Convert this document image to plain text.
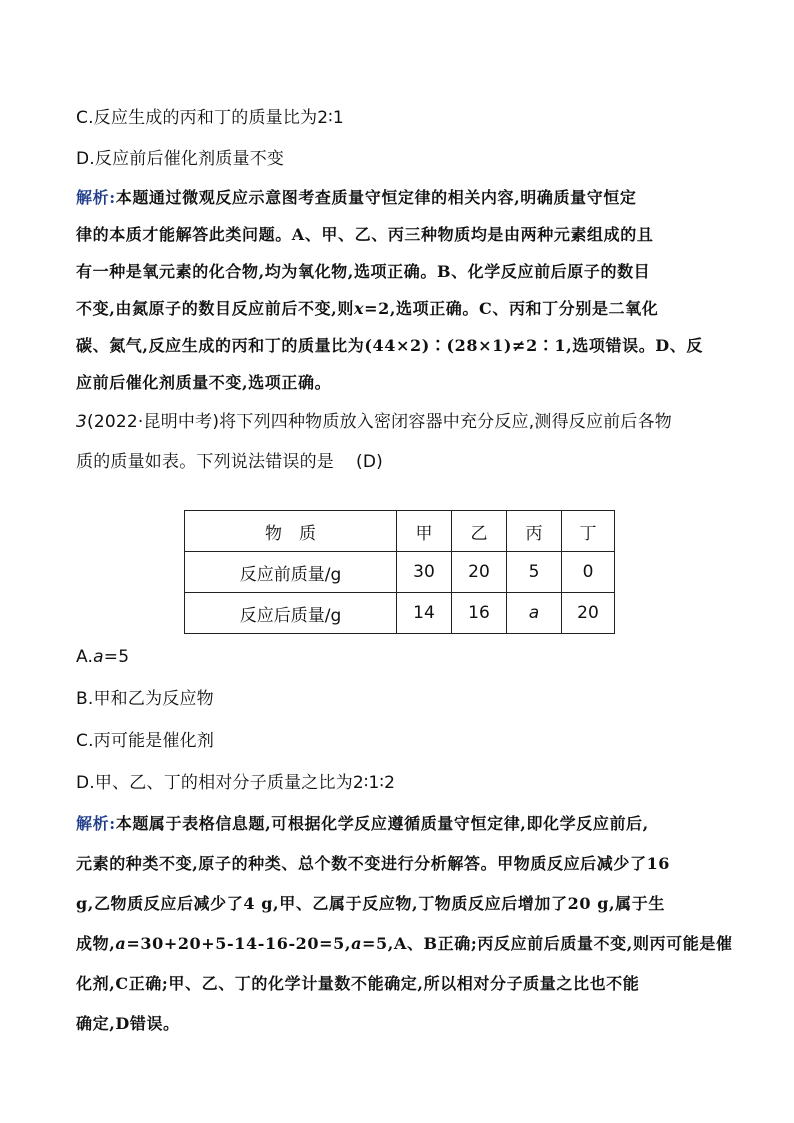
C.反应生成的丙和丁的质量比为2∶1
D.反应前后催化剂质量不变
解析:本题通过微观反应示意图考查质量守恒定律的相关内容,明确质量守恒定
律的本质才能解答此类问题。A、甲、乙、丙三种物质均是由两种元素组成的且
有一种是氧元素的化合物,均为氧化物,选项正确。B、化学反应前后原子的数目
不变,由氮原子的数目反应前后不变,则x=2,选项正确。C、丙和丁分别是二氧化
碳、氮气,反应生成的丙和丁的质量比为(44×2)∶(28×1)≠2∶1,选项错误。D、反
应前后催化剂质量不变,选项正确。
3(2022·昆明中考)将下列四种物质放入密闭容器中充分反应,测得反应前后各物
质的质量如表。下列说法错误的是 (D)
物　质	甲	乙	丙	丁
反应前质量/g	30	20	5	0
反应后质量/g	14	16	a	20
A.a=5
B.甲和乙为反应物
C.丙可能是催化剂
D.甲、乙、丁的相对分子质量之比为2∶1∶2
解析:本题属于表格信息题,可根据化学反应遵循质量守恒定律,即化学反应前后,
元素的种类不变,原子的种类、总个数不变进行分析解答。甲物质反应后减少了16
g,乙物质反应后减少了4 g,甲、乙属于反应物,丁物质反应后增加了20 g,属于生
成物,a=30+20+5-14-16-20=5,a=5,A、B正确;丙反应前后质量不变,则丙可能是催
化剂,C正确;甲、乙、丁的化学计量数不能确定,所以相对分子质量之比也不能
确定,D错误。
